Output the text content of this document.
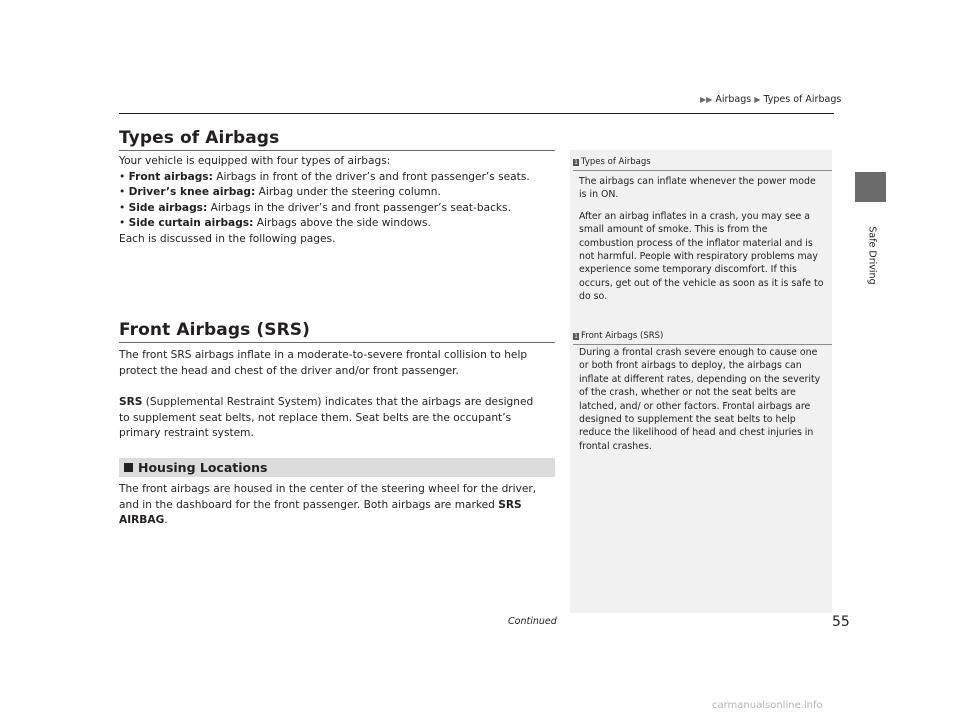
▶▶ Airbags ▶ Types of Airbags
Safe Driving
1 Types of Airbags
The airbags can inflate whenever the power mode is in ON.
After an airbag inflates in a crash, you may see a small amount of smoke. This is from the combustion process of the inflator material and is not harmful. People with respiratory problems may experience some temporary discomfort. If this occurs, get out of the vehicle as soon as it is safe to do so.
1 Front Airbags (SRS)
During a frontal crash severe enough to cause one or both front airbags to deploy, the airbags can inflate at different rates, depending on the severity of the crash, whether or not the seat belts are latched, and/ or other factors. Frontal airbags are designed to supplement the seat belts to help reduce the likelihood of head and chest injuries in frontal crashes.
Types of Airbags
Your vehicle is equipped with four types of airbags:
• Front airbags: Airbags in front of the driver’s and front passenger’s seats.
• Driver’s knee airbag: Airbag under the steering column.
• Side airbags: Airbags in the driver’s and front passenger’s seat-backs.
• Side curtain airbags: Airbags above the side windows.
Each is discussed in the following pages.
Front Airbags (SRS)
The front SRS airbags inflate in a moderate-to-severe frontal collision to help protect the head and chest of the driver and/or front passenger.
SRS (Supplemental Restraint System) indicates that the airbags are designed to supplement seat belts, not replace them. Seat belts are the occupant’s primary restraint system.
Housing Locations
The front airbags are housed in the center of the steering wheel for the driver, and in the dashboard for the front passenger. Both airbags are marked SRS AIRBAG.
Continued	55
carmanualsonline.info
